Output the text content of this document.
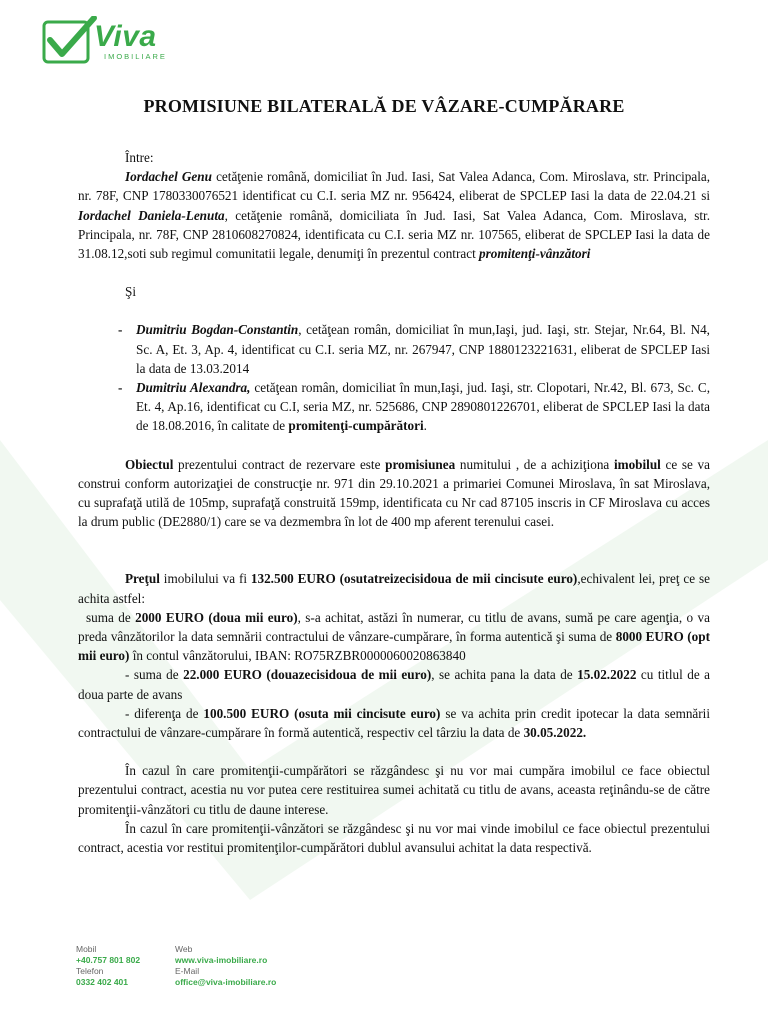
Viva
IMOBILIARE
PROMISIUNE BILATERALĂ DE VÂZARE-CUMPĂRARE

Între:

Iordachel Genu cetăţenie română, domiciliat în Jud. Iasi, Sat Valea Adanca, Com. Miroslava, str. Principala, nr. 78F, CNP 1780330076521 identificat cu C.I. seria MZ nr. 956424, eliberat de SPCLEP Iasi la data de 22.04.21 si Iordachel Daniela-Lenuta, cetăţenie română, domiciliata în Jud. Iasi, Sat Valea Adanca, Com. Miroslava, str. Principala, nr. 78F, CNP 2810608270824, identificata cu C.I. seria MZ nr. 107565, eliberat de SPCLEP Iasi la data de 31.08.12,soti sub regimul comunitatii legale, denumiţi în prezentul contract promitenţi-vânzători

Şi

- Dumitriu Bogdan-Constantin, cetăţean român, domiciliat în mun,Iaşi, jud. Iaşi, str. Stejar, Nr.64, Bl. N4, Sc. A, Et. 3, Ap. 4, identificat cu C.I. seria MZ, nr. 267947, CNP 1880123221631, eliberat de SPCLEP Iasi la data de 13.03.2014
- Dumitriu Alexandra, cetăţean român, domiciliat în mun,Iaşi, jud. Iaşi, str. Clopotari, Nr.42, Bl. 673, Sc. C, Et. 4, Ap.16, identificat cu C.I, seria MZ, nr. 525686, CNP 2890801226701, eliberat de SPCLEP Iasi la data de 18.08.2016, în calitate de promitenţi-cumpărători.

Obiectul prezentului contract de rezervare este promisiunea numitului , de a achiziţiona imobilul ce se va construi conform autorizaţiei de construcţie nr. 971 din 29.10.2021 a primariei Comunei Miroslava, în sat Miroslava, cu suprafaţă utilă de 105mp, suprafaţă construită 159mp, identificata cu Nr cad 87105 inscris in CF Miroslava cu acces la drum public (DE2880/1) care se va dezmembra în lot de 400 mp aferent terenului casei.

Preţul imobilului va fi 132.500 EURO (osutatreizecisidoua de mii cincisute euro),echivalent lei, preţ ce se achita astfel:

suma de 2000 EURO (doua mii euro), s-a achitat, astăzi în numerar, cu titlu de avans, sumă pe care agenţia, o va preda vânzătorilor la data semnării contractului de vânzare-cumpărare, în forma autentică şi suma de 8000 EURO (opt mii euro) în contul vânzătorului, IBAN: RO75RZBR0000060020863840

- suma de 22.000 EURO (douazecisidoua de mii euro), se achita pana la data de 15.02.2022 cu titlul de a doua parte de avans

- diferenţa de 100.500 EURO (osuta mii cincisute euro) se va achita prin credit ipotecar la data semnării contractului de vânzare-cumpărare în formă autentică, respectiv cel târziu la data de 30.05.2022.

În cazul în care promitenţii-cumpărători se răzgândesc şi nu vor mai cumpăra imobilul ce face obiectul prezentului contract, acestia nu vor putea cere restituirea sumei achitată cu titlu de avans, aceasta reţinându-se de către promitenţii-vânzători cu titlu de daune interese.

În cazul în care promitenţii-vânzători se răzgândesc şi nu vor mai vinde imobilul ce face obiectul prezentului contract, acestia vor restitui promitenţilor-cumpărători dublul avansului achitat la data respectivă.

Mobil
+40.757 801 802
Telefon
0332 402 401
Web
www.viva-imobiliare.ro
E-Mail
office@viva-imobiliare.ro
